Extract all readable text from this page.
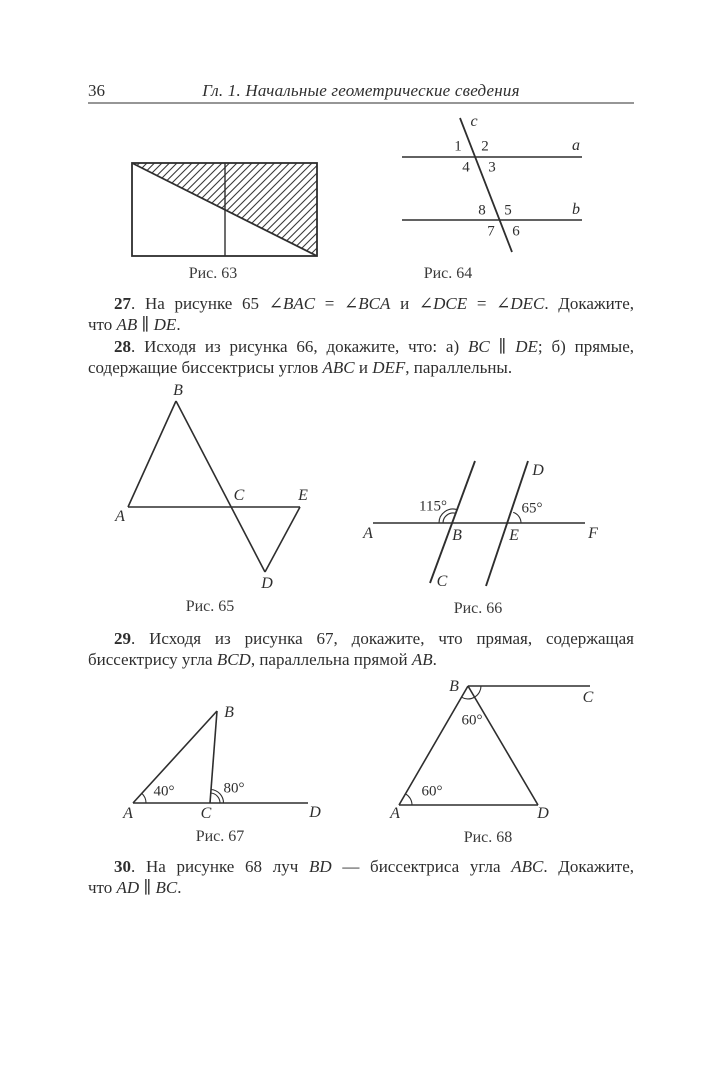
36	Гл. 1. Начальные геометрические сведения
Рис. 63
c
a
b
1 2
3
4
5
6
7
8
Рис. 64
27. На рисунке 65 ∠BAC = ∠BCA и ∠DCE = ∠DEC. Докажите,
что AB ∥ DE.
28. Исходя из рисунка 66, докажите, что: а) BC ∥ DE; б) прямые,
содержащие биссектрисы углов ABC и DEF, параллельны.
B
A
C	E
D
Рис. 65
115°	65°
A	B
C
D
E	F
Рис. 66
29. Исходя из рисунка 67, докажите, что прямая, содержащая
биссектрису угла BCD, параллельна прямой AB.
40°	80°
A
B
C	D
Рис. 67
60°
60°
B
C
A	D
Рис. 68
30. На рисунке 68 луч BD — биссектриса угла ABC. Докажите,
что AD ∥ BC.
